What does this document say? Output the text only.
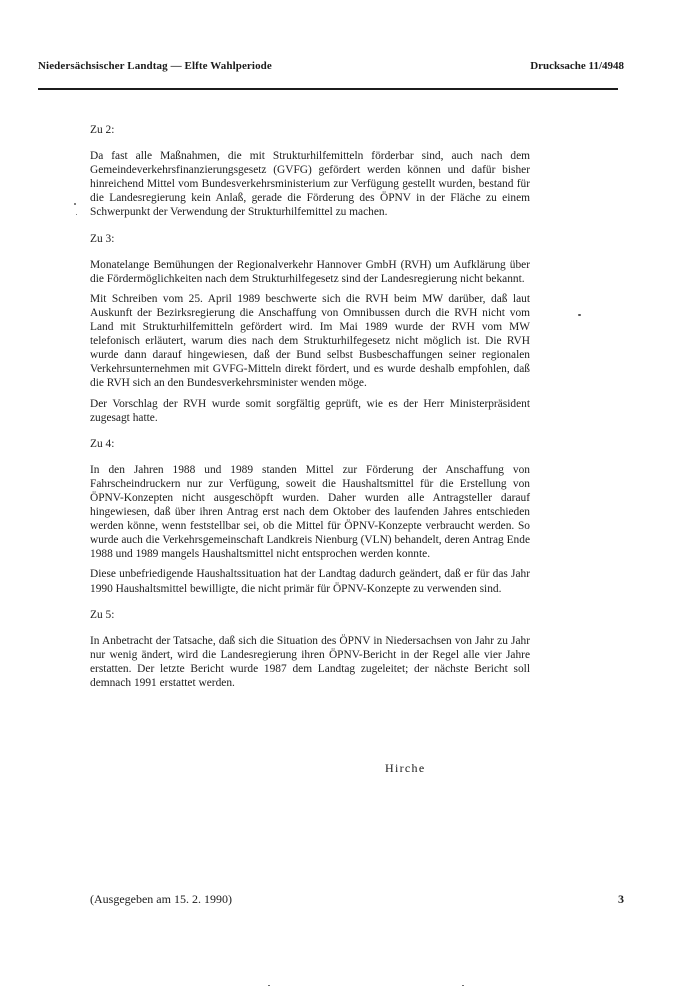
Niedersächsischer Landtag — Elfte Wahlperiode	Drucksache 11/4948

Zu 2:

Da fast alle Maßnahmen, die mit Strukturhilfemitteln förderbar sind, auch nach dem Gemeindeverkehrsfinanzierungsgesetz (GVFG) gefördert werden können und dafür bisher hinreichend Mittel vom Bundesverkehrsministerium zur Verfügung gestellt wurden, bestand für die Landesregierung kein Anlaß, gerade die Förderung des ÖPNV in der Fläche zu einem Schwerpunkt der Verwendung der Strukturhilfemittel zu machen.

Zu 3:

Monatelange Bemühungen der Regionalverkehr Hannover GmbH (RVH) um Aufklärung über die Fördermöglichkeiten nach dem Strukturhilfegesetz sind der Landesregierung nicht bekannt.

Mit Schreiben vom 25. April 1989 beschwerte sich die RVH beim MW darüber, daß laut Auskunft der Bezirksregierung die Anschaffung von Omnibussen durch die RVH nicht vom Land mit Strukturhilfemitteln gefördert wird. Im Mai 1989 wurde der RVH vom MW telefonisch erläutert, warum dies nach dem Strukturhilfegesetz nicht möglich ist. Die RVH wurde dann darauf hingewiesen, daß der Bund selbst Busbeschaffungen seiner regionalen Verkehrsunternehmen mit GVFG-Mitteln direkt fördert, und es wurde deshalb empfohlen, daß die RVH sich an den Bundesverkehrsminister wenden möge.

Der Vorschlag der RVH wurde somit sorgfältig geprüft, wie es der Herr Ministerpräsident zugesagt hatte.

Zu 4:

In den Jahren 1988 und 1989 standen Mittel zur Förderung der Anschaffung von Fahrscheindruckern nur zur Verfügung, soweit die Haushaltsmittel für die Erstellung von ÖPNV-Konzepten nicht ausgeschöpft wurden. Daher wurden alle Antragsteller darauf hingewiesen, daß über ihren Antrag erst nach dem Oktober des laufenden Jahres entschieden werden könne, wenn feststellbar sei, ob die Mittel für ÖPNV-Konzepte verbraucht werden. So wurde auch die Verkehrsgemeinschaft Landkreis Nienburg (VLN) behandelt, deren Antrag Ende 1988 und 1989 mangels Haushaltsmittel nicht entsprochen werden konnte.

Diese unbefriedigende Haushaltssituation hat der Landtag dadurch geändert, daß er für das Jahr 1990 Haushaltsmittel bewilligte, die nicht primär für ÖPNV-Konzepte zu verwenden sind.

Zu 5:

In Anbetracht der Tatsache, daß sich die Situation des ÖPNV in Niedersachsen von Jahr zu Jahr nur wenig ändert, wird die Landesregierung ihren ÖPNV-Bericht in der Regel alle vier Jahre erstatten. Der letzte Bericht wurde 1987 dem Landtag zugeleitet; der nächste Bericht soll demnach 1991 erstattet werden.

Hirche
(Ausgegeben am 15. 2. 1990)	3
